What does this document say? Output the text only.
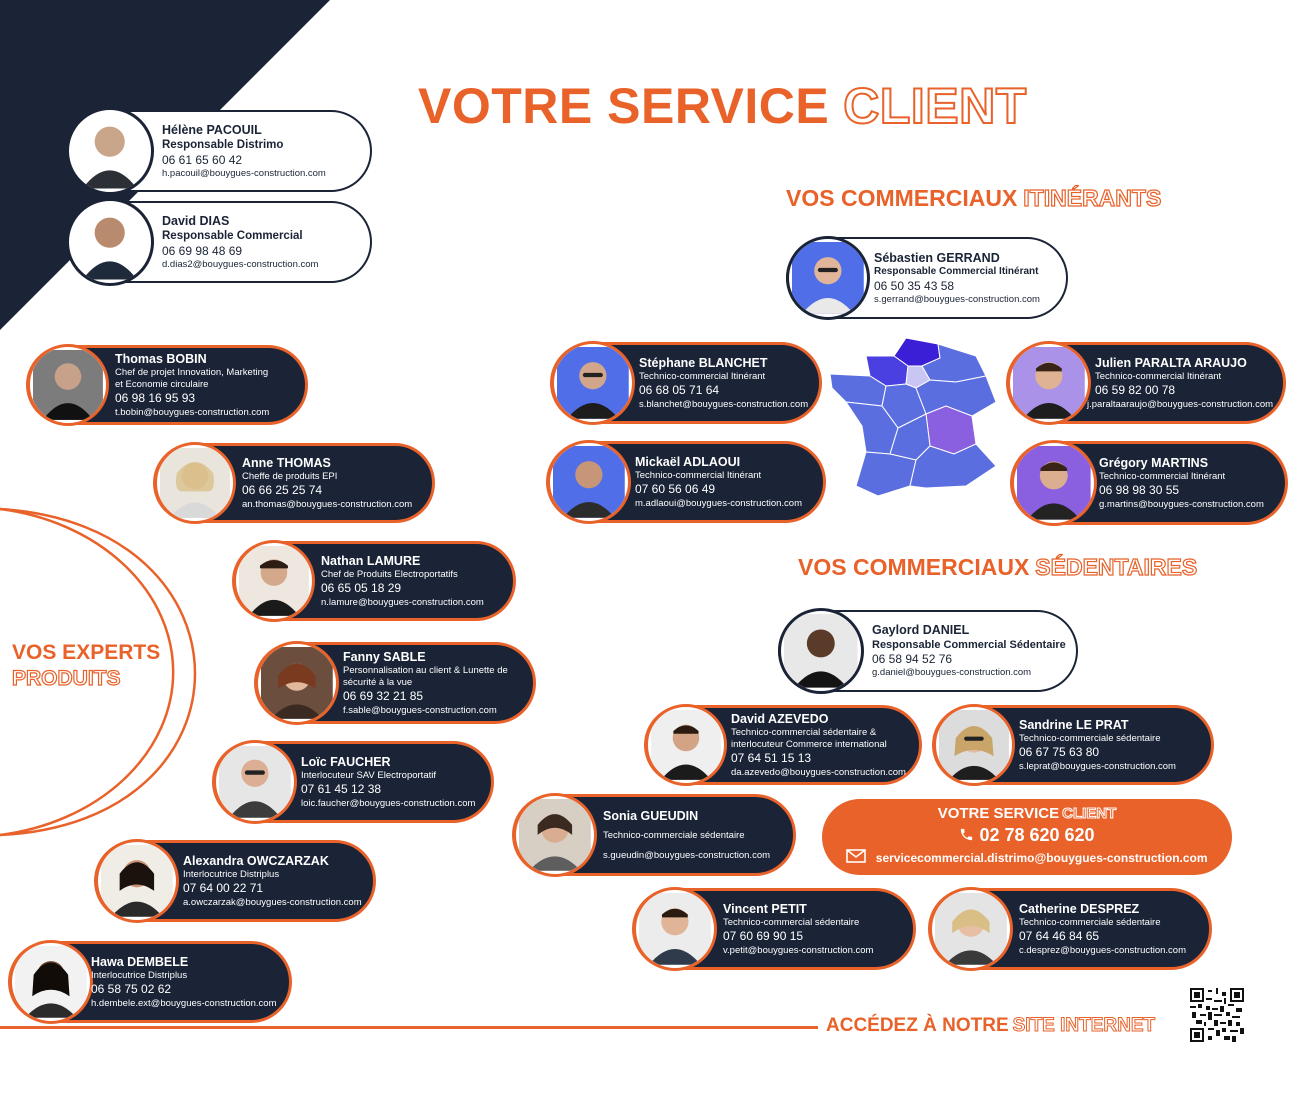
VOTRE SERVICE CLIENT
VOS COMMERCIAUX ITINÉRANTS
VOS COMMERCIAUX SÉDENTAIRES
VOS EXPERTS
PRODUITS
Hélène PACOUIL
Responsable Distrimo
06 61 65 60 42
h.pacouil@bouygues-construction.com
David DIAS
Responsable Commercial
06 69 98 48 69
d.dias2@bouygues-construction.com
Thomas BOBIN
Chef de projet Innovation, Marketing
et Economie circulaire
06 98 16 95 93
t.bobin@bouygues-construction.com
Anne THOMAS
Cheffe de produits EPI
06 66 25 25 74
an.thomas@bouygues-construction.com
Nathan LAMURE
Chef de Produits Electroportatifs
06 65 05 18 29
n.lamure@bouygues-construction.com
Fanny SABLE
Personnalisation au client & Lunette de
sécurité à la vue
06 69 32 21 85
f.sable@bouygues-construction.com
Loïc FAUCHER
Interlocuteur SAV Electroportatif
07 61 45 12 38
loic.faucher@bouygues-construction.com
Alexandra OWCZARZAK
Interlocutrice Distriplus
07 64 00 22 71
a.owczarzak@bouygues-construction.com
Hawa DEMBELE
Interlocutrice Distriplus
06 58 75 02 62
h.dembele.ext@bouygues-construction.com
Sébastien GERRAND
Responsable Commercial Itinérant
06 50 35 43 58
s.gerrand@bouygues-construction.com
Stéphane BLANCHET
Technico-commercial Itinérant
06 68 05 71 64
s.blanchet@bouygues-construction.com
Mickaël ADLAOUI
Technico-commercial Itinérant
07 60 56 06 49
m.adlaoui@bouygues-construction.com
Julien PARALTA ARAUJO
Technico-commercial Itinérant
06 59 82 00 78
j.paraltaaraujo@bouygues-construction.com
Grégory MARTINS
Technico-commercial Itinérant
06 98 98 30 55
g.martins@bouygues-construction.com
Gaylord DANIEL
Responsable Commercial Sédentaire
06 58 94 52 76
g.daniel@bouygues-construction.com
David AZEVEDO
Technico-commercial sédentaire &
interlocuteur Commerce international
07 64 51 15 13
da.azevedo@bouygues-construction.com
Sandrine LE PRAT
Technico-commerciale sédentaire
06 67 75 63 80
s.leprat@bouygues-construction.com
Sonia GUEUDIN
Technico-commerciale sédentaire
s.gueudin@bouygues-construction.com
Vincent PETIT
Technico-commercial sédentaire
07 60 69 90 15
v.petit@bouygues-construction.com
Catherine DESPREZ
Technico-commerciale sédentaire
07 64 46 84 65
c.desprez@bouygues-construction.com
VOTRE SERVICE CLIENT
02 78 620 620
servicecommercial.distrimo@bouygues-construction.com
ACCÉDEZ À NOTRE SITE INTERNET
